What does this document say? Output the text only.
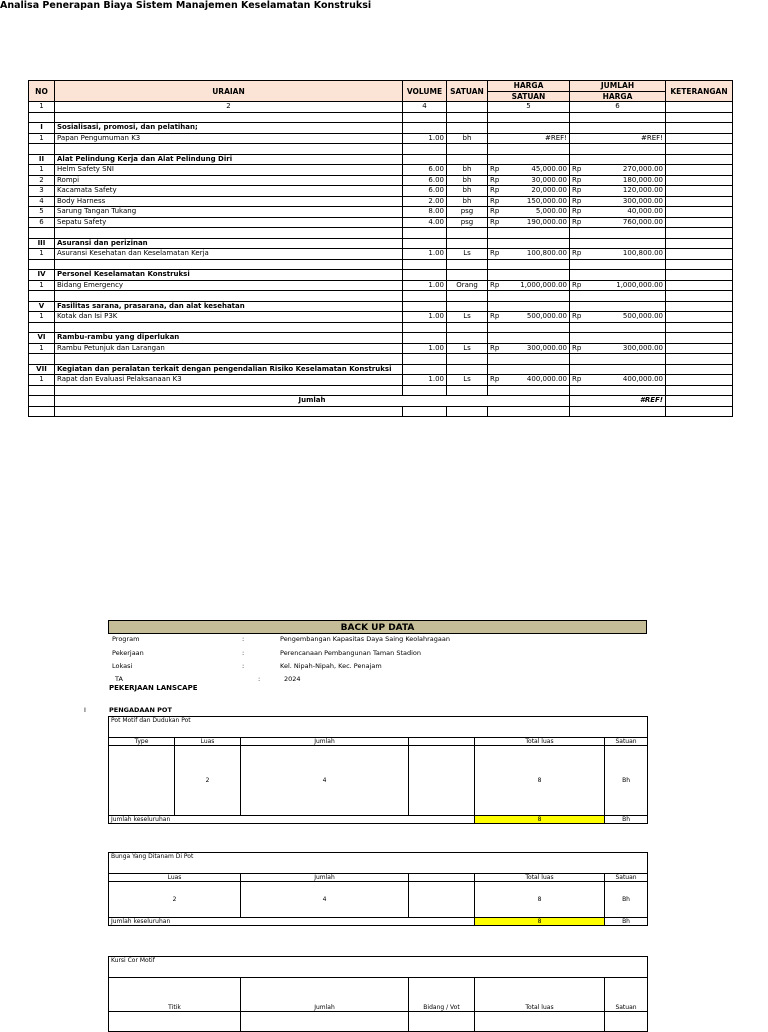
Analisa Penerapan Biaya Sistem Manajemen Keselamatan Konstruksi
NO	URAIAN	VOLUME	SATUAN	HARGA	JUMLAH	KETERANGAN
				SATUAN	HARGA	
1	2	4		5	6	

I	Sosialisasi, promosi, dan pelatihan;					
1	Papan Pengumuman K3	1.00	bh	#REF!	#REF!	

II	Alat Pelindung Kerja dan Alat Pelindung Diri					
1	Helm Safety SNI	6.00	bh	Rp 45,000.00	Rp 270,000.00	

2	Rompi	6.00	bh	Rp 30,000.00	Rp 180,000.00	

3	Kacamata Safety	6.00	bh	Rp 20,000.00	Rp 120,000.00	

4	Body Harness	2.00	bh	Rp 150,000.00	Rp 300,000.00	

5	Sarung Tangan Tukang	8.00	psg	Rp 5,000.00	Rp 40,000.00	

6	Sepatu Safety	4.00	psg	Rp 190,000.00	Rp 760,000.00	

III	Asuransi dan perizinan					
1	Asuransi Kesehatan dan Keselamatan Kerja	1.00	Ls	Rp 100,800.00	Rp 100,800.00	

IV	Personel Keselamatan Konstruksi					
1	Bidang Emergency	1.00	Orang	Rp 1,000,000.00	Rp 1,000,000.00	

V	Fasilitas sarana, prasarana, dan alat kesehatan					
1	Kotak dan Isi P3K	1.00	Ls	Rp 500,000.00	Rp 500,000.00	

VI	Rambu-rambu yang diperlukan					
1	Rambu Petunjuk dan Larangan	1.00	Ls	Rp 300,000.00	Rp 300,000.00	

VII	Kegiatan dan peralatan terkait dengan pengendalian Risiko Keselamatan Konstruksi					
1	Rapat dan Evaluasi Pelaksanaan K3	1.00	Ls	Rp 400,000.00	Rp 400,000.00	

	Jumlah				#REF!	

BACK UP DATA
Program	:	Pengembangan Kapasitas Daya Saing Keolahragaan
Pekerjaan	:	Perencanaan Pembangunan Taman Stadion
Lokasi	:	Kel. Nipah-Nipah, Kec. Penajam
TA	:	2024
PEKERJAAN LANSCAPE
I	PENGADAAN POT
Pot Motif dan Dudukan Pot					
Type	Luas	Jumlah		Total luas	Satuan
	2	4		8	Bh
Jumlah keseluruhan				8	Bh
Bunga Yang Ditanam Di Pot				
Luas	Jumlah		Total luas	Satuan
2	4		8	Bh
Jumlah keseluruhan			8	Bh
Kursi Cor Motif				
Titik	Jumlah	Bidang / Vot	Total luas	Satuan
